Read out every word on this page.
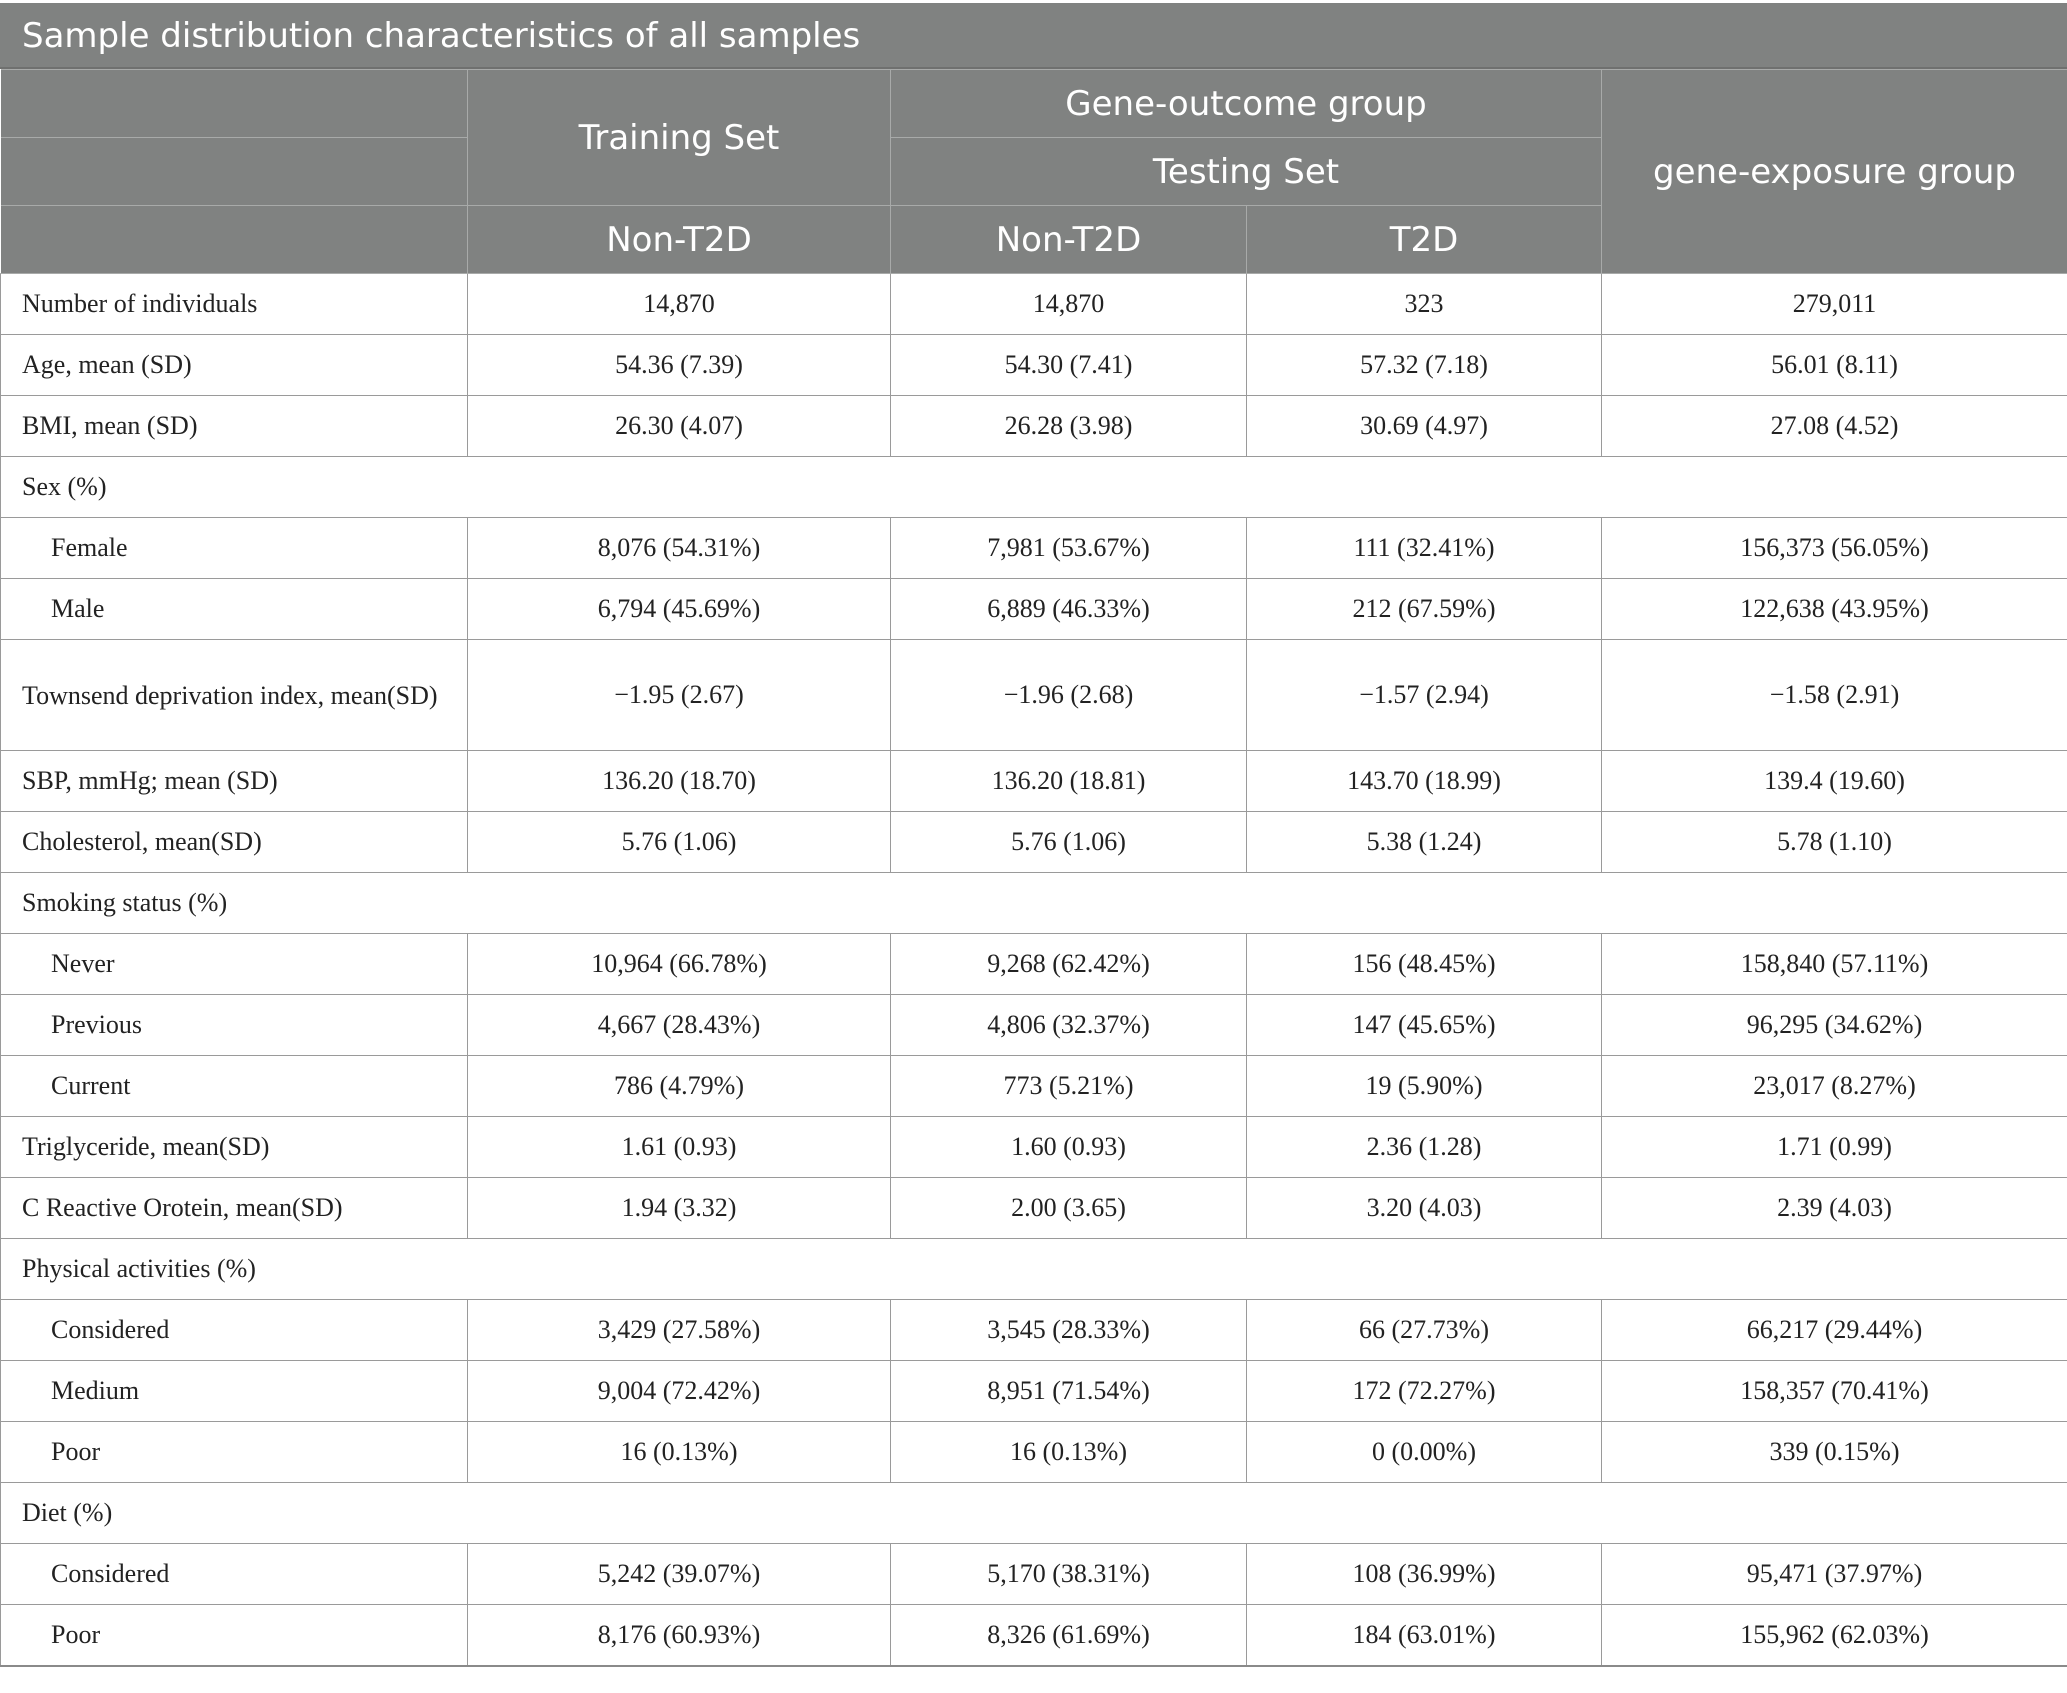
Sample distribution characteristics of all samples
	Training Set	Gene-outcome group		gene-exposure group
		Testing Set		
	Non-T2D	Non-T2D	T2D	
Number of individuals	14,870	14,870	323	279,011
Age, mean (SD)	54.36 (7.39)	54.30 (7.41)	57.32 (7.18)	56.01 (8.11)
BMI, mean (SD)	26.30 (4.07)	26.28 (3.98)	30.69 (4.97)	27.08 (4.52)
Sex (%)				
Female	8,076 (54.31%)	7,981 (53.67%)	111 (32.41%)	156,373 (56.05%)
Male	6,794 (45.69%)	6,889 (46.33%)	212 (67.59%)	122,638 (43.95%)
Townsend deprivation index, mean(SD)	−1.95 (2.67)	−1.96 (2.68)	−1.57 (2.94)	−1.58 (2.91)
SBP, mmHg; mean (SD)	136.20 (18.70)	136.20 (18.81)	143.70 (18.99)	139.4 (19.60)
Cholesterol, mean(SD)	5.76 (1.06)	5.76 (1.06)	5.38 (1.24)	5.78 (1.10)
Smoking status (%)				
Never	10,964 (66.78%)	9,268 (62.42%)	156 (48.45%)	158,840 (57.11%)
Previous	4,667 (28.43%)	4,806 (32.37%)	147 (45.65%)	96,295 (34.62%)
Current	786 (4.79%)	773 (5.21%)	19 (5.90%)	23,017 (8.27%)
Triglyceride, mean(SD)	1.61 (0.93)	1.60 (0.93)	2.36 (1.28)	1.71 (0.99)
C Reactive Orotein, mean(SD)	1.94 (3.32)	2.00 (3.65)	3.20 (4.03)	2.39 (4.03)
Physical activities (%)				
Considered	3,429 (27.58%)	3,545 (28.33%)	66 (27.73%)	66,217 (29.44%)
Medium	9,004 (72.42%)	8,951 (71.54%)	172 (72.27%)	158,357 (70.41%)
Poor	16 (0.13%)	16 (0.13%)	0 (0.00%)	339 (0.15%)
Diet (%)				
Considered	5,242 (39.07%)	5,170 (38.31%)	108 (36.99%)	95,471 (37.97%)
Poor	8,176 (60.93%)	8,326 (61.69%)	184 (63.01%)	155,962 (62.03%)
